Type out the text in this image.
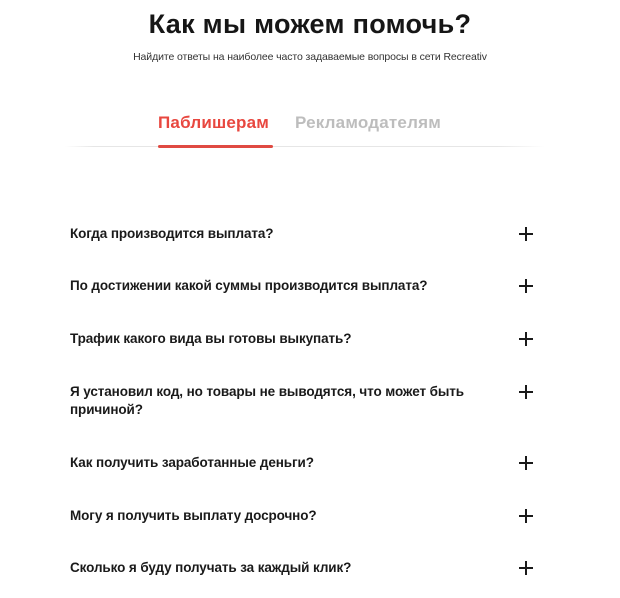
Как мы можем помочь?
Найдите ответы на наиболее часто задаваемые вопросы в сети Recreativ
Паблишерам Рекламодателям
Когда производится выплата?
По достижении какой суммы производится выплата?
Трафик какого вида вы готовы выкупать?
Я установил код, но товары не выводятся, что может быть причиной?
Как получить заработанные деньги?
Могу я получить выплату досрочно?
Сколько я буду получать за каждый клик?
